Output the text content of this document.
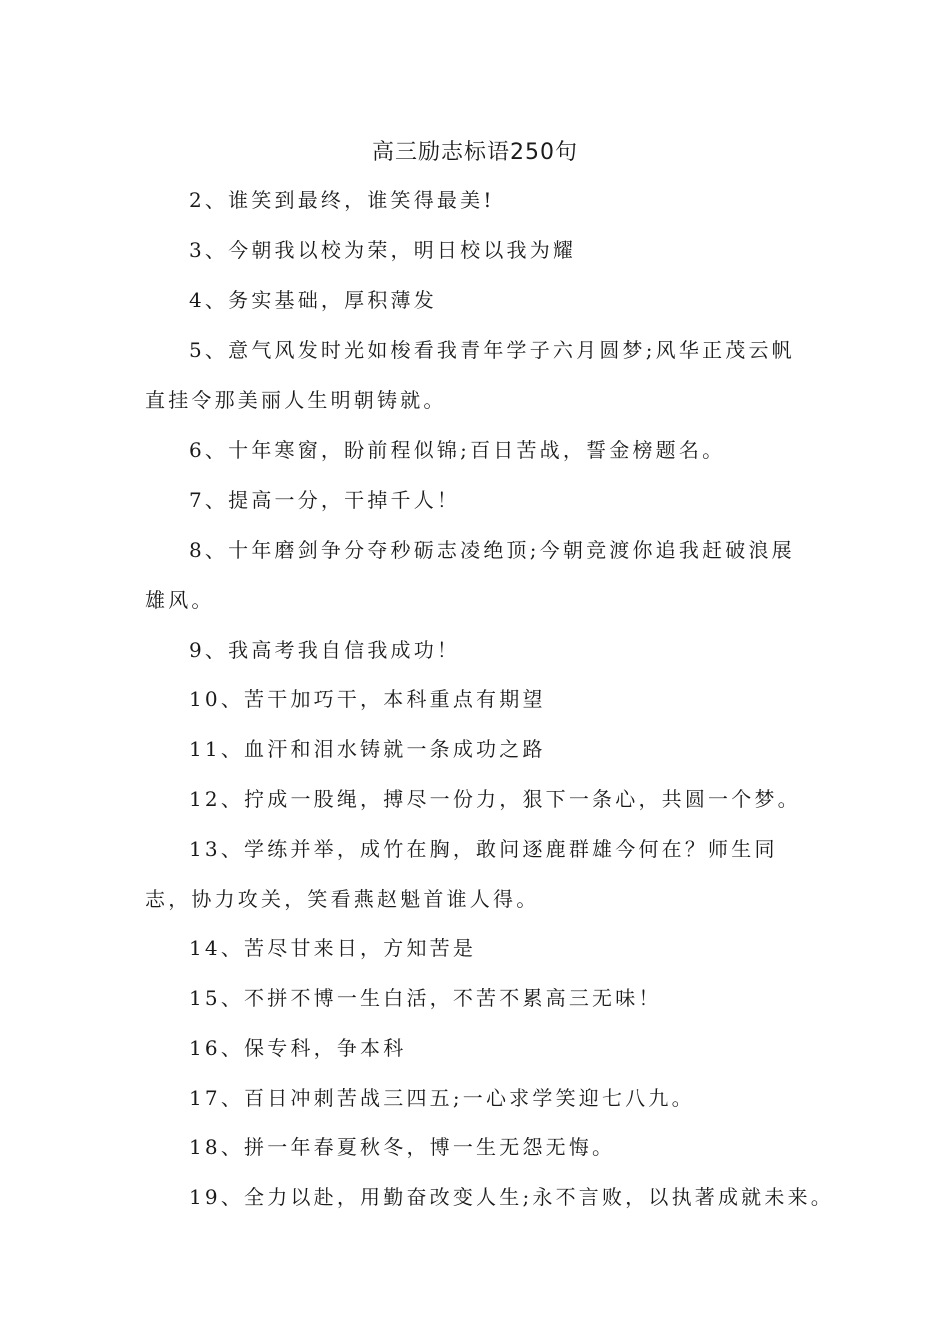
高三励志标语250句

2、谁笑到最终，谁笑得最美!

3、今朝我以校为荣，明日校以我为耀

4、务实基础，厚积薄发

5、意气风发时光如梭看我青年学子六月圆梦;风华正茂云帆直挂令那美丽人生明朝铸就。

6、十年寒窗，盼前程似锦;百日苦战，誓金榜题名。

7、提高一分，干掉千人！

8、十年磨剑争分夺秒砺志凌绝顶;今朝竞渡你追我赶破浪展雄风。

9、我高考我自信我成功！

10、苦干加巧干，本科重点有期望

11、血汗和泪水铸就一条成功之路

12、拧成一股绳，搏尽一份力，狠下一条心，共圆一个梦。

13、学练并举，成竹在胸，敢问逐鹿群雄今何在？师生同志，协力攻关，笑看燕赵魁首谁人得。

14、苦尽甘来日，方知苦是

15、不拼不博一生白活，不苦不累高三无味！

16、保专科，争本科

17、百日冲刺苦战三四五;一心求学笑迎七八九。

18、拼一年春夏秋冬，博一生无怨无悔。

19、全力以赴，用勤奋改变人生;永不言败，以执著成就未来。
